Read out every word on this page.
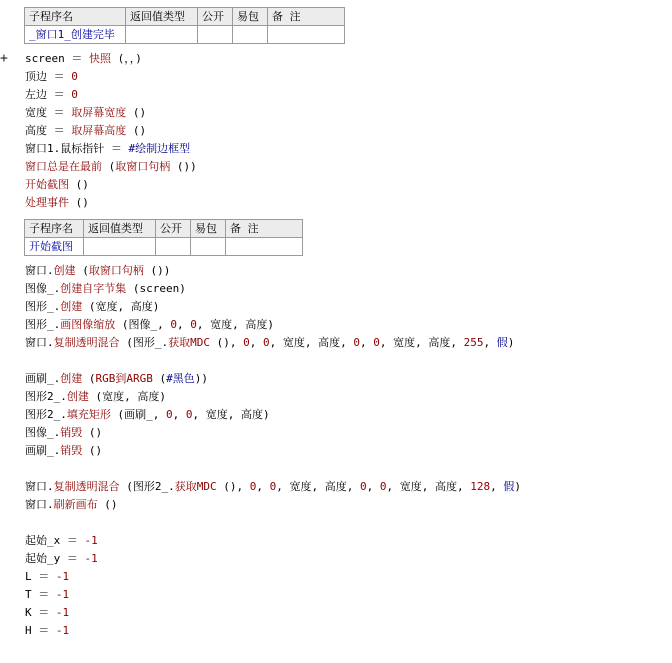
子程序名	返回值类型	公开	易包	备 注
_窗口1_创建完毕				
+ screen ＝ 快照 (，，)
顶边 ＝ 0
左边 ＝ 0
宽度 ＝ 取屏幕宽度 ()
高度 ＝ 取屏幕高度 ()
窗口1.鼠标指针 ＝ #绘制边框型
窗口总是在最前 (取窗口句柄 ())
开始截图 ()
处理事件 ()
子程序名	返回值类型	公开	易包	备 注
开始截图				
窗口.创建 (取窗口句柄 ())
图像_.创建自字节集 (screen)
图形_.创建 (宽度, 高度)
图形_.画图像缩放 (图像_, 0, 0, 宽度, 高度)
窗口.复制透明混合 (图形_.获取MDC (), 0, 0, 宽度, 高度, 0, 0, 宽度, 高度, 255, 假)
画刷_.创建 (RGB到ARGB (#黑色))
图形2_.创建 (宽度, 高度)
图形2_.填充矩形 (画刷_, 0, 0, 宽度, 高度)
图像_.销毁 ()
画刷_.销毁 ()
窗口.复制透明混合 (图形2_.获取MDC (), 0, 0, 宽度, 高度, 0, 0, 宽度, 高度, 128, 假)
窗口.刷新画布 ()
起始_x ＝ -1
起始_y ＝ -1
L ＝ -1
T ＝ -1
K ＝ -1
H ＝ -1
